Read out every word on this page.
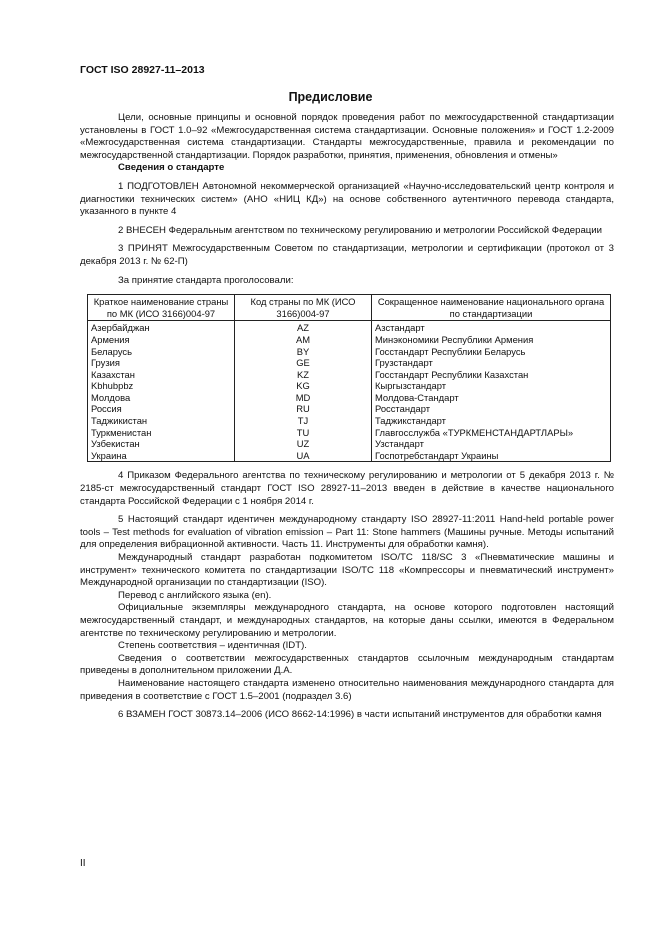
ГОСТ ISO 28927-11–2013
Предисловие

Цели, основные принципы и основной порядок проведения работ по межгосударственной стандартизации установлены в ГОСТ 1.0–92 «Межгосударственная система стандартизации. Основные положения» и ГОСТ 1.2-2009 «Межгосударственная система стандартизации. Стандарты межгосударственные, правила и рекомендации по межгосударственной стандартизации. Порядок разработки, принятия, применения, обновления и отмены»

Сведения о стандарте

1 ПОДГОТОВЛЕН Автономной некоммерческой организацией «Научно-исследовательский центр контроля и диагностики технических систем» (АНО «НИЦ КД») на основе собственного аутентичного перевода стандарта, указанного в пункте 4

2 ВНЕСЕН Федеральным агентством по техническому регулированию и метрологии Российской Федерации

3 ПРИНЯТ Межгосударственным Советом по стандартизации, метрологии и сертификации (протокол от 3 декабря 2013 г. № 62-П)

За принятие стандарта проголосовали:

Краткое наименование страны по МК (ИСО 3166)004-97	Код страны по МК (ИСО 3166)004-97	Сокращенное наименование национального органа по стандартизации
Азербайджан	AZ	Азстандарт
Армения	AM	Минэкономики Республики Армения
Беларусь	BY	Госстандарт Республики Беларусь
Грузия	GE	Грузстандарт
Казахстан	KZ	Госстандарт Республики Казахстан
Kbhubpbz	KG	Кыргызстандарт
Молдова	MD	Молдова-Стандарт
Россия	RU	Росстандарт
Таджикистан	TJ	Таджикстандарт
Туркменистан	TU	Главгосслужба «ТУРКМЕНСТАНДАРТЛАРЫ»
Узбекистан	UZ	Узстандарт
Украина	UA	Госпотребстандарт Украины

4 Приказом Федерального агентства по техническому регулированию и метрологии от 5 декабря 2013 г. № 2185-ст межгосударственный стандарт ГОСТ ISO 28927-11–2013 введен в действие в качестве национального стандарта Российской Федерации с 1 ноября 2014 г.

5 Настоящий стандарт идентичен международному стандарту ISO 28927-11:2011 Hand-held portable power tools – Test methods for evaluation of vibration emission – Part 11: Stone hammers (Машины ручные. Методы испытаний для определения вибрационной активности. Часть 11. Инструменты для обработки камня).

Международный стандарт разработан подкомитетом ISO/TC 118/SC 3 «Пневматические машины и инструмент» технического комитета по стандартизации ISO/TC 118 «Компрессоры и пневматический инструмент» Международной организации по стандартизации (ISO).

Перевод с английского языка (en).

Официальные экземпляры международного стандарта, на основе которого подготовлен настоящий межгосударственный стандарт, и международных стандартов, на которые даны ссылки, имеются в Федеральном агентстве по техническому регулированию и метрологии.

Степень соответствия – идентичная (IDT).

Сведения о соответствии межгосударственных стандартов ссылочным международным стандартам приведены в дополнительном приложении Д.А.

Наименование настоящего стандарта изменено относительно наименования международного стандарта для приведения в соответствие с ГОСТ 1.5–2001 (подраздел 3.6)

6 ВЗАМЕН ГОСТ 30873.14–2006 (ИСО 8662-14:1996) в части испытаний инструментов для обработки камня

II
